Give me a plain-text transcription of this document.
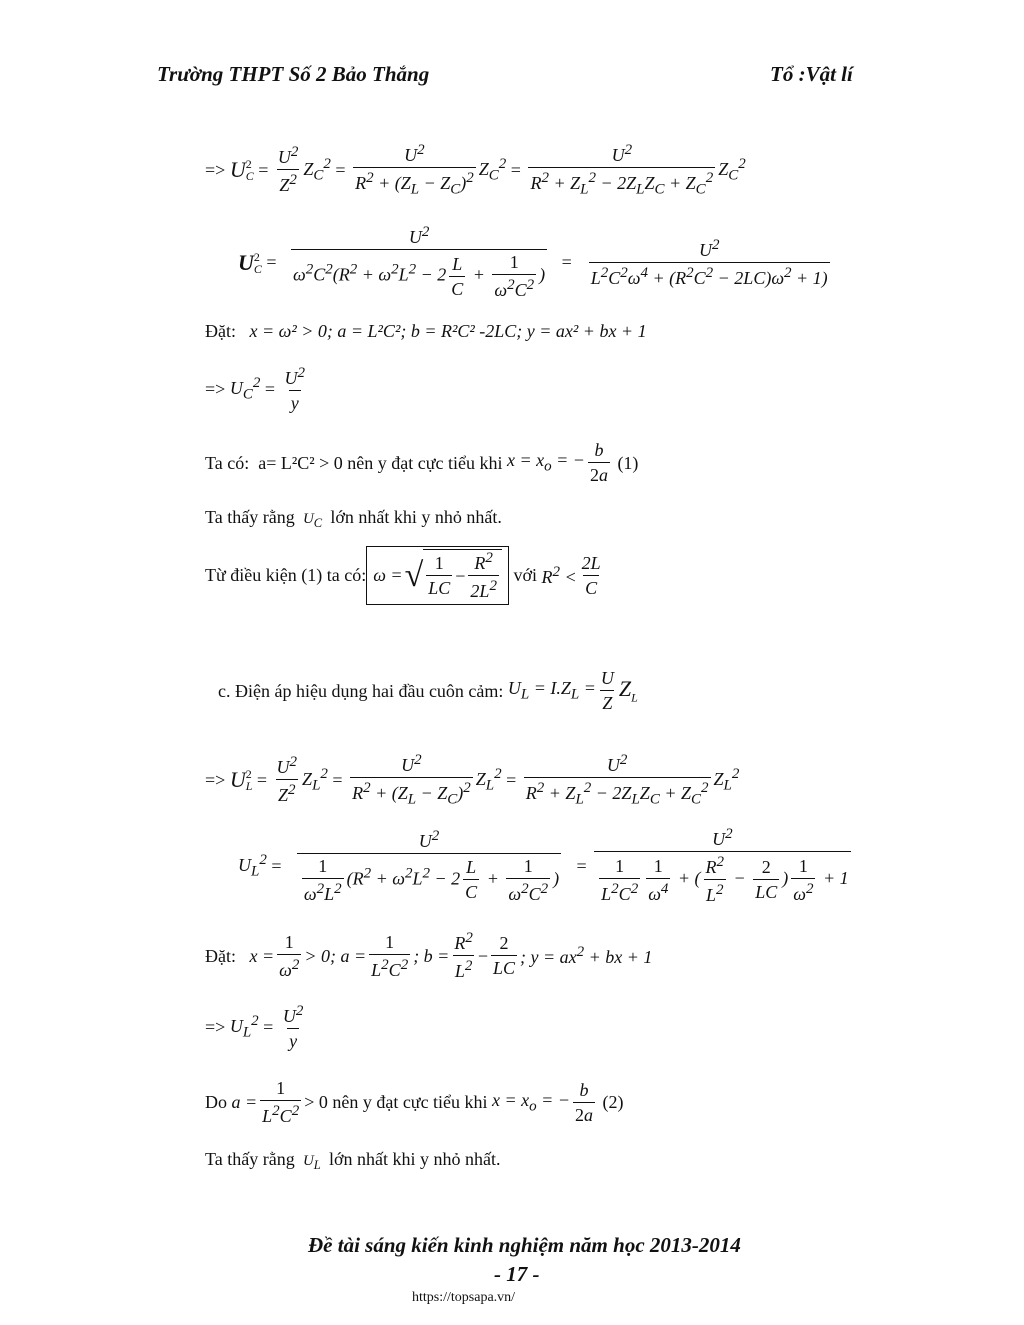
Trường THPT Số 2 Bảo Thắng	Tổ :Vật lí
=> U 2
$C = \frac{U^2}{Z^2} Z_C^2 = \frac{U^2}{R^2 + (Z_L - Z_C)^2} Z_C^2 = \frac{U^2}{R^2 + Z_L^2 - 2Z_LZ_C + Z_C^2} Z_C^2$
U 2
$C = \frac{U^2}{\omega^2C^2(R^2 + \omega^2L^2 - 2 \frac{L}{C} + \frac{1}{\omega^2C^2} )} = \frac{U^2}{L^2C^2\omega^4 + (R^2C^2 - 2LC)\omega^2 + 1)}$
Đặt: x = ω² > 0; a = L²C²; b = R²C² -2LC; y = ax² + bx + 1
=> $U_C^2 = \frac{U^2}{y}$
Ta có:
a= L²C² > 0 nên y đạt cực tiểu khi
$x = x_o$ = − $\frac{b}{2a}$
(1)
Ta thấy rằng  $U_C$ lớn nhất khi y nhỏ nhất.
Từ điều kiện (1) ta có: ω = √ $\frac{1}{LC} - \frac{R^2}{2L^2}$
với $R^2 < \frac{2L}{C}$
c. Điện áp hiệu dụng hai đầu cuôn cảm:
$U_L = I.Z_L = \frac{U}{Z} Z_L$
=> U 2
$L = \frac{U^2}{Z^2} Z_L^2 = \frac{U^2}{R^2 + (Z_L - Z_C)^2} Z_L^2 = \frac{U^2}{R^2 + Z_L^2 - 2Z_LZ_C + Z_C^2} Z_L^2$
$U_L^2 = \frac{U^2}{\frac{1}{\omega^2L^2} (R^2 + \omega^2L^2 - 2 \frac{L}{C} + \frac{1}{\omega^2C^2} )} = \frac{U^2}{\frac{1}{L^2C^2} \frac{1}{\omega^4} + ( \frac{R^2}{L^2} - \frac{2}{LC} ) \frac{1}{\omega^2} + 1}$
Đặt:
$x = \frac{1}{\omega^2} > 0$; $a = \frac{1}{L^2C^2}$ ; $b = \frac{R^2}{L^2} - \frac{2}{LC}$ ; $y = ax^2$ + bx + 1
=> $U_L^2 = \frac{U^2}{y}$
Do
$a = \frac{1}{L^2C^2} > 0$ nên y đạt cực tiểu khi
$x = x_o$ = − $\frac{b}{2a}$
(2)
Ta thấy rằng  $U_L$ lớn nhất khi y nhỏ nhất.
Đề tài sáng kiến kinh nghiệm năm học 2013-2014
- 17 -
https://topsapa.vn/
